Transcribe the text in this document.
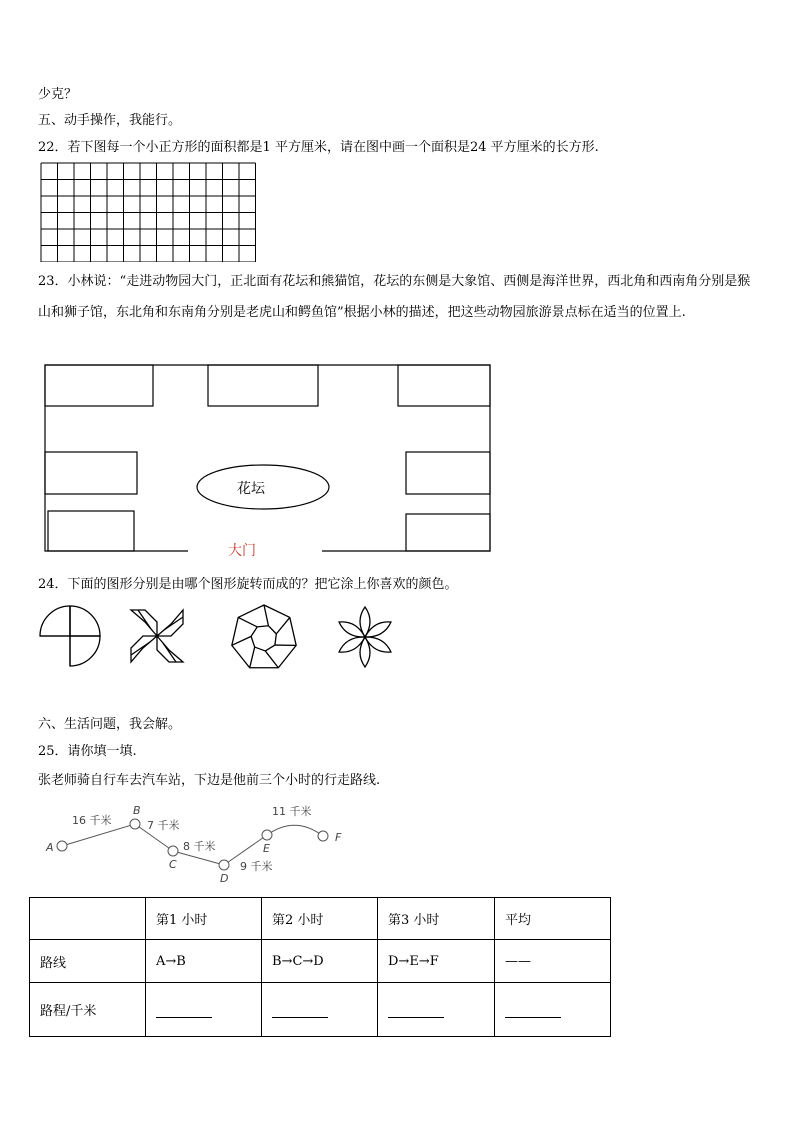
少克？
五、动手操作，我能行。
22．若下图每一个小正方形的面积都是1 平方厘米，请在图中画一个面积是24 平方厘米的长方形.
23．小林说：“走进动物园大门，正北面有花坛和熊猫馆，花坛的东侧是大象馆、西侧是海洋世界，西北角和西南角分别是猴山和狮子馆，东北角和东南角分别是老虎山和鳄鱼馆”根据小林的描述，把这些动物园旅游景点标在适当的位置上.
花坛
大门
24．下面的图形分别是由哪个图形旋转而成的？把它涂上你喜欢的颜色。
六、生活问题，我会解。
25．请你填一填.
张老师骑自行车去汽车站，下边是他前三个小时的行走路线.
A
B
C
D
E
F
16 千米	7 千米
8 千米
9 千米
11 千米
	第1 小时	第2 小时	第3 小时	平均
路线	A→B	B→C→D	D→E→F	——
路程/千米				
